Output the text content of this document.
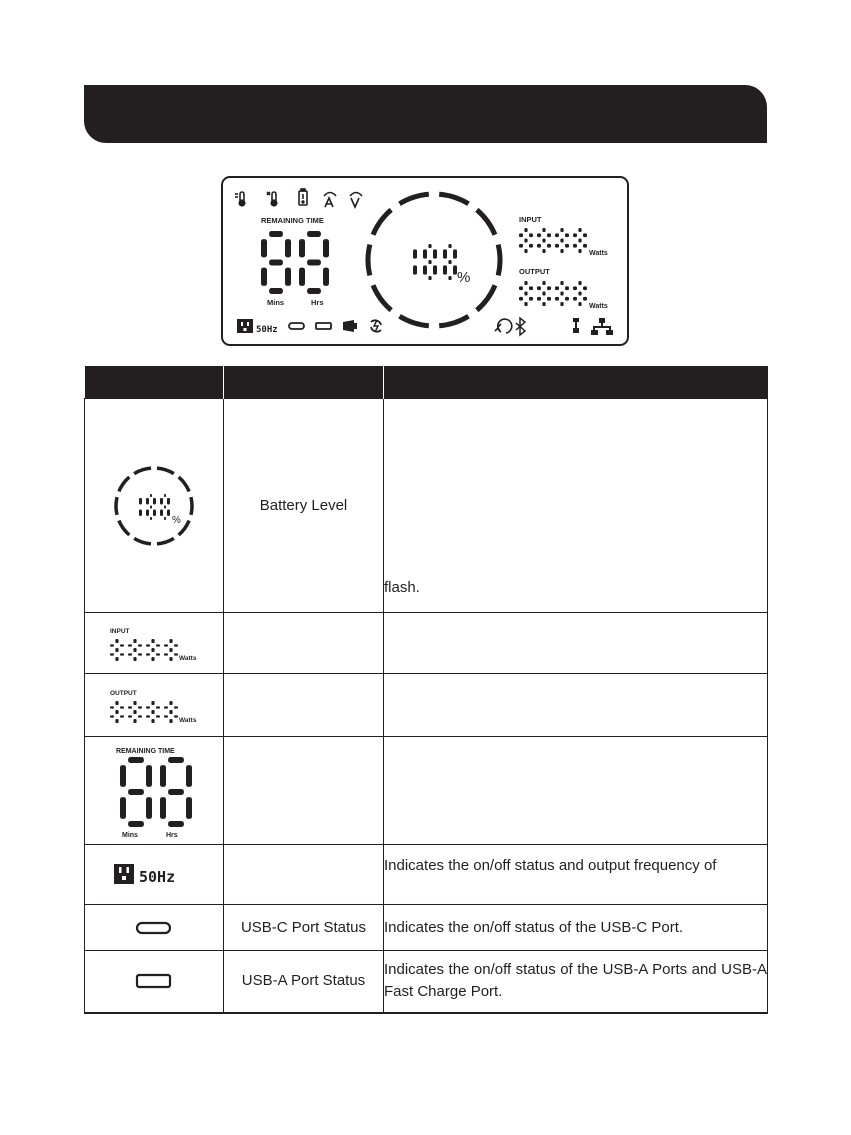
REMAINING TIME
Mins	Hrs
%
INPUT
Watts
OUTPUT
Watts
50Hz

%	Battery Level	flash.

INPUT
Watts		

OUTPUT
Watts		

REMAINING TIME
Mins Hrs		

50Hz		Indicates the on/off status and output frequency of
	USB-C Port Status	Indicates the on/off status of the USB-C Port.
	USB-A Port Status	Indicates the on/off status of the USB-A Ports and USB-A Fast Charge Port.
